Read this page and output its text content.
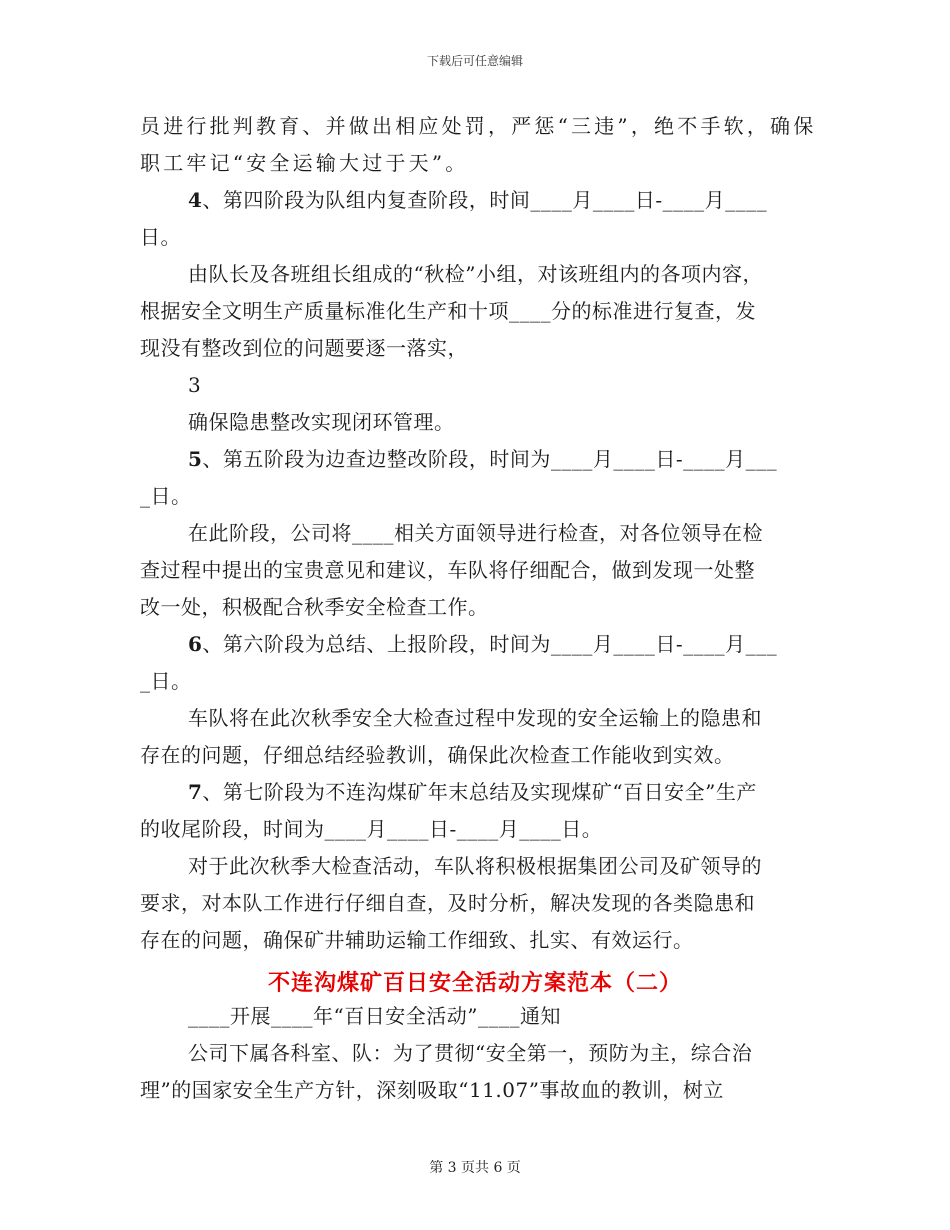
下载后可任意编辑
员进行批判教育、并做出相应处罚，严惩“三违”，绝不手软，确保
职工牢记“安全运输大过于天”。
4、第四阶段为队组内复查阶段，时间____月____日-____月____
日。
由队长及各班组长组成的“秋检”小组，对该班组内的各项内容，
根据安全文明生产质量标准化生产和十项____分的标准进行复查，发
现没有整改到位的问题要逐一落实，
3
确保隐患整改实现闭环管理。
5、第五阶段为边查边整改阶段，时间为____月____日-____月___
_日。
在此阶段，公司将____相关方面领导进行检查，对各位领导在检
查过程中提出的宝贵意见和建议，车队将仔细配合，做到发现一处整
改一处，积极配合秋季安全检查工作。
6、第六阶段为总结、上报阶段，时间为____月____日-____月___
_日。
车队将在此次秋季安全大检查过程中发现的安全运输上的隐患和
存在的问题，仔细总结经验教训，确保此次检查工作能收到实效。
7、第七阶段为不连沟煤矿年末总结及实现煤矿“百日安全”生产
的收尾阶段，时间为____月____日-____月____日。
对于此次秋季大检查活动，车队将积极根据集团公司及矿领导的
要求，对本队工作进行仔细自查，及时分析，解决发现的各类隐患和
存在的问题，确保矿井辅助运输工作细致、扎实、有效运行。
不连沟煤矿百日安全活动方案范本（二）
____开展____年“百日安全活动”____通知
公司下属各科室、队：为了贯彻“安全第一，预防为主，综合治
理”的国家安全生产方针，深刻吸取“11.07”事故血的教训，树立
第 3 页共 6 页
